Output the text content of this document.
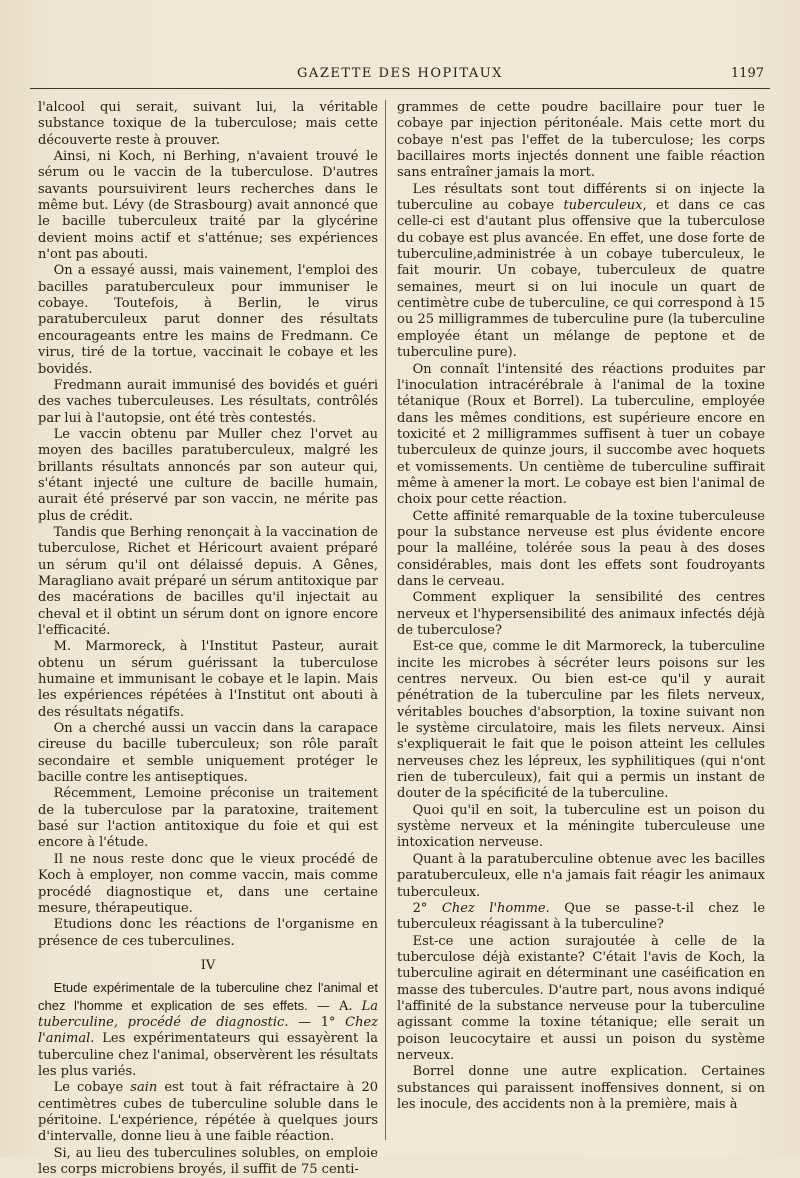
GAZETTE DES HOPITAUX	1197

l'alcool qui serait, suivant lui, la véritable substance toxique de la tuberculose; mais cette découverte reste à prouver.

Ainsi, ni Koch, ni Berhing, n'avaient trouvé le sérum ou le vaccin de la tuberculose. D'autres savants poursuivirent leurs recherches dans le même but. Lévy (de Strasbourg) avait annoncé que le bacille tuberculeux traité par la glycérine devient moins actif et s'atténue; ses expériences n'ont pas abouti.

On a essayé aussi, mais vainement, l'emploi des bacilles paratuberculeux pour immuniser le cobaye. Toutefois, à Berlin, le virus paratuberculeux parut donner des résultats encourageants entre les mains de Fredmann. Ce virus, tiré de la tortue, vaccinait le cobaye et les bovidés.

Fredmann aurait immunisé des bovidés et guéri des vaches tuberculeuses. Les résultats, contrôlés par lui à l'autopsie, ont été très contestés.

Le vaccin obtenu par Muller chez l'orvet au moyen des bacilles paratuberculeux, malgré les brillants résultats annoncés par son auteur qui, s'étant injecté une culture de bacille humain, aurait été préservé par son vaccin, ne mérite pas plus de crédit.

Tandis que Berhing renonçait à la vaccination de tuberculose, Richet et Héricourt avaient préparé un sérum qu'il ont délaissé depuis. A Gênes, Maragliano avait préparé un sérum antitoxique par des macérations de bacilles qu'il injectait au cheval et il obtint un sérum dont on ignore encore l'efficacité.

M. Marmoreck, à l'Institut Pasteur, aurait obtenu un sérum guérissant la tuberculose humaine et immunisant le cobaye et le lapin. Mais les expériences répétées à l'Institut ont abouti à des résultats négatifs.

On a cherché aussi un vaccin dans la carapace cireuse du bacille tuberculeux; son rôle paraît secondaire et semble uniquement protéger le bacille contre les antiseptiques.

Récemment, Lemoine préconise un traitement de la tuberculose par la paratoxine, traitement basé sur l'action antitoxique du foie et qui est encore à l'étude.

Il ne nous reste donc que le vieux procédé de Koch à employer, non comme vaccin, mais comme procédé diagnostique et, dans une certaine mesure, thérapeutique.

Etudions donc les réactions de l'organisme en présence de ces tuberculines.

IV

Etude expérimentale de la tuberculine chez l'animal et chez l'homme et explication de ses effets. — A. La tuberculine, procédé de diagnostic. — 1° Chez l'animal. Les expérimentateurs qui essayèrent la tuberculine chez l'animal, observèrent les résultats les plus variés.

Le cobaye sain est tout à fait réfractaire à 20 centimètres cubes de tuberculine soluble dans le péritoine. L'expérience, répétée à quelques jours d'intervalle, donne lieu à une faible réaction.

Si, au lieu des tuberculines solubles, on emploie les corps microbiens broyés, il suffit de 75 centi-

grammes de cette poudre bacillaire pour tuer le cobaye par injection péritonéale. Mais cette mort du cobaye n'est pas l'effet de la tuberculose; les corps bacillaires morts injectés donnent une faible réaction sans entraîner jamais la mort.

Les résultats sont tout différents si on injecte la tuberculine au cobaye tuberculeux, et dans ce cas celle-ci est d'autant plus offensive que la tuberculose du cobaye est plus avancée. En effet, une dose forte de tuberculine,administrée à un cobaye tuberculeux, le fait mourir. Un cobaye, tuberculeux de quatre semaines, meurt si on lui inocule un quart de centimètre cube de tuberculine, ce qui correspond à 15 ou 25 milligrammes de tuberculine pure (la tuberculine employée étant un mélange de peptone et de tuberculine pure).

On connaît l'intensité des réactions produites par l'inoculation intracérébrale à l'animal de la toxine tétanique (Roux et Borrel). La tuberculine, employée dans les mêmes conditions, est supérieure encore en toxicité et 2 milligrammes suffisent à tuer un cobaye tuberculeux de quinze jours, il succombe avec hoquets et vomissements. Un centième de tuberculine suffirait même à amener la mort. Le cobaye est bien l'animal de choix pour cette réaction.

Cette affinité remarquable de la toxine tuberculeuse pour la substance nerveuse est plus évidente encore pour la malléine, tolérée sous la peau à des doses considérables, mais dont les effets sont foudroyants dans le cerveau.

Comment expliquer la sensibilité des centres nerveux et l'hypersensibilité des animaux infectés déjà de tuberculose?

Est-ce que, comme le dit Marmoreck, la tuberculine incite les microbes à sécréter leurs poisons sur les centres nerveux. Ou bien est-ce qu'il y aurait pénétration de la tuberculine par les filets nerveux, véritables bouches d'absorption, la toxine suivant non le système circulatoire, mais les filets nerveux. Ainsi s'expliquerait le fait que le poison atteint les cellules nerveuses chez les lépreux, les syphilitiques (qui n'ont rien de tuberculeux), fait qui a permis un instant de douter de la spécificité de la tuberculine.

Quoi qu'il en soit, la tuberculine est un poison du système nerveux et la méningite tuberculeuse une intoxication nerveuse.

Quant à la paratuberculine obtenue avec les bacilles paratuberculeux, elle n'a jamais fait réagir les animaux tuberculeux.

2° Chez l'homme. Que se passe-t-il chez le tuberculeux réagissant à la tuberculine?

Est-ce une action surajoutée à celle de la tuberculose déjà existante? C'était l'avis de Koch, la tuberculine agirait en déterminant une caséification en masse des tubercules. D'autre part, nous avons indiqué l'affinité de la substance nerveuse pour la tuberculine agissant comme la toxine tétanique; elle serait un poison leucocytaire et aussi un poison du système nerveux.

Borrel donne une autre explication. Certaines substances qui paraissent inoffensives donnent, si on les inocule, des accidents non à la première, mais à
